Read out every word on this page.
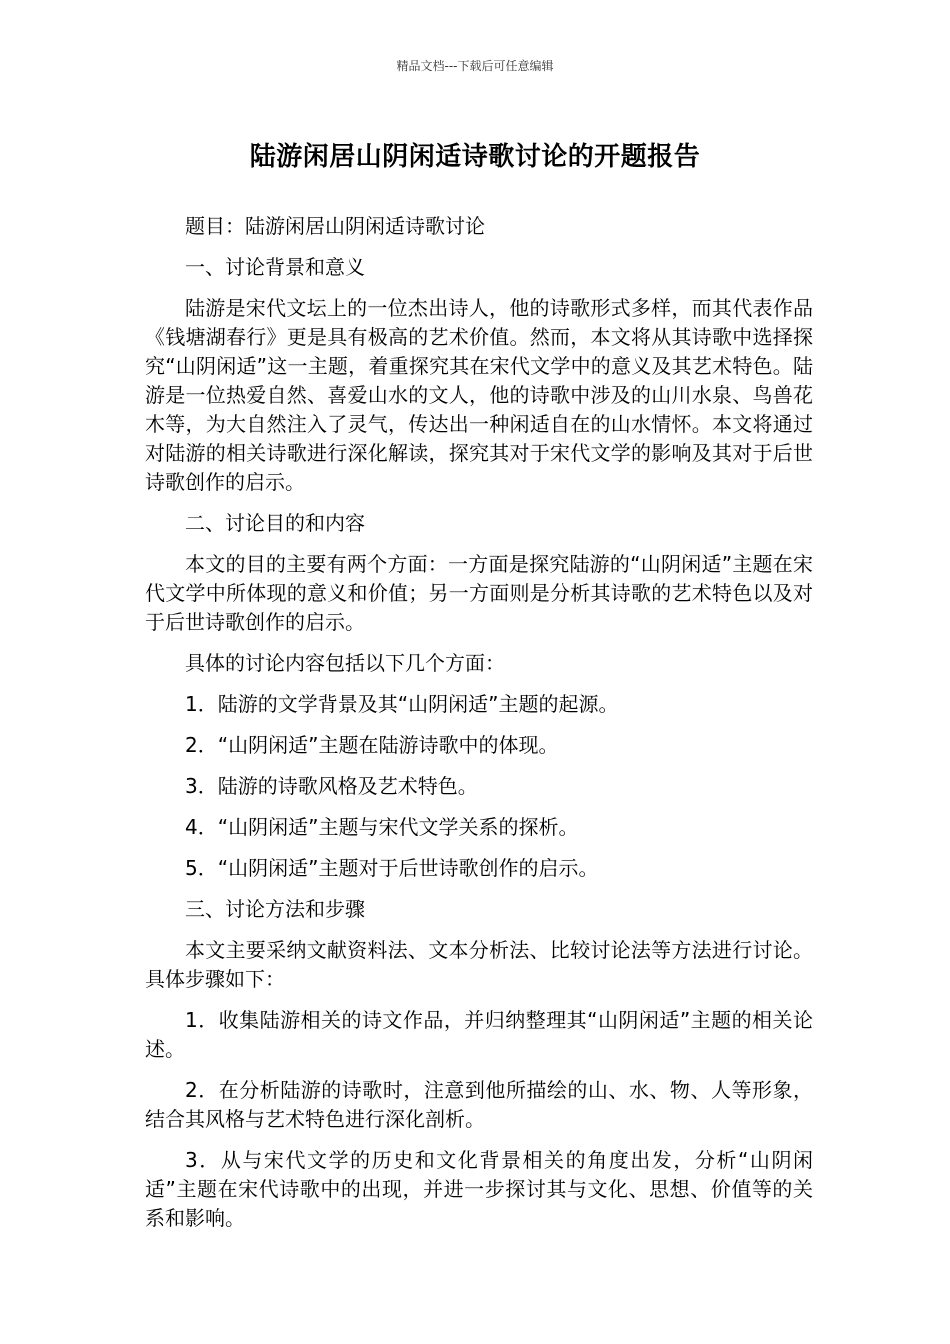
精品文档---下载后可任意编辑
陆游闲居山阴闲适诗歌讨论的开题报告

题目：陆游闲居山阴闲适诗歌讨论

一、讨论背景和意义

陆游是宋代文坛上的一位杰出诗人，他的诗歌形式多样，而其代表作品《钱塘湖春行》更是具有极高的艺术价值。然而，本文将从其诗歌中选择探究“山阴闲适”这一主题，着重探究其在宋代文学中的意义及其艺术特色。陆游是一位热爱自然、喜爱山水的文人，他的诗歌中涉及的山川水泉、鸟兽花木等，为大自然注入了灵气，传达出一种闲适自在的山水情怀。本文将通过对陆游的相关诗歌进行深化解读，探究其对于宋代文学的影响及其对于后世诗歌创作的启示。

二、讨论目的和内容

本文的目的主要有两个方面：一方面是探究陆游的“山阴闲适”主题在宋代文学中所体现的意义和价值；另一方面则是分析其诗歌的艺术特色以及对于后世诗歌创作的启示。

具体的讨论内容包括以下几个方面：

1．陆游的文学背景及其“山阴闲适”主题的起源。

2．“山阴闲适”主题在陆游诗歌中的体现。

3．陆游的诗歌风格及艺术特色。

4．“山阴闲适”主题与宋代文学关系的探析。

5．“山阴闲适”主题对于后世诗歌创作的启示。

三、讨论方法和步骤

本文主要采纳文献资料法、文本分析法、比较讨论法等方法进行讨论。具体步骤如下：

1．收集陆游相关的诗文作品，并归纳整理其“山阴闲适”主题的相关论述。

2．在分析陆游的诗歌时，注意到他所描绘的山、水、物、人等形象，结合其风格与艺术特色进行深化剖析。

3．从与宋代文学的历史和文化背景相关的角度出发，分析“山阴闲适”主题在宋代诗歌中的出现，并进一步探讨其与文化、思想、价值等的关系和影响。
